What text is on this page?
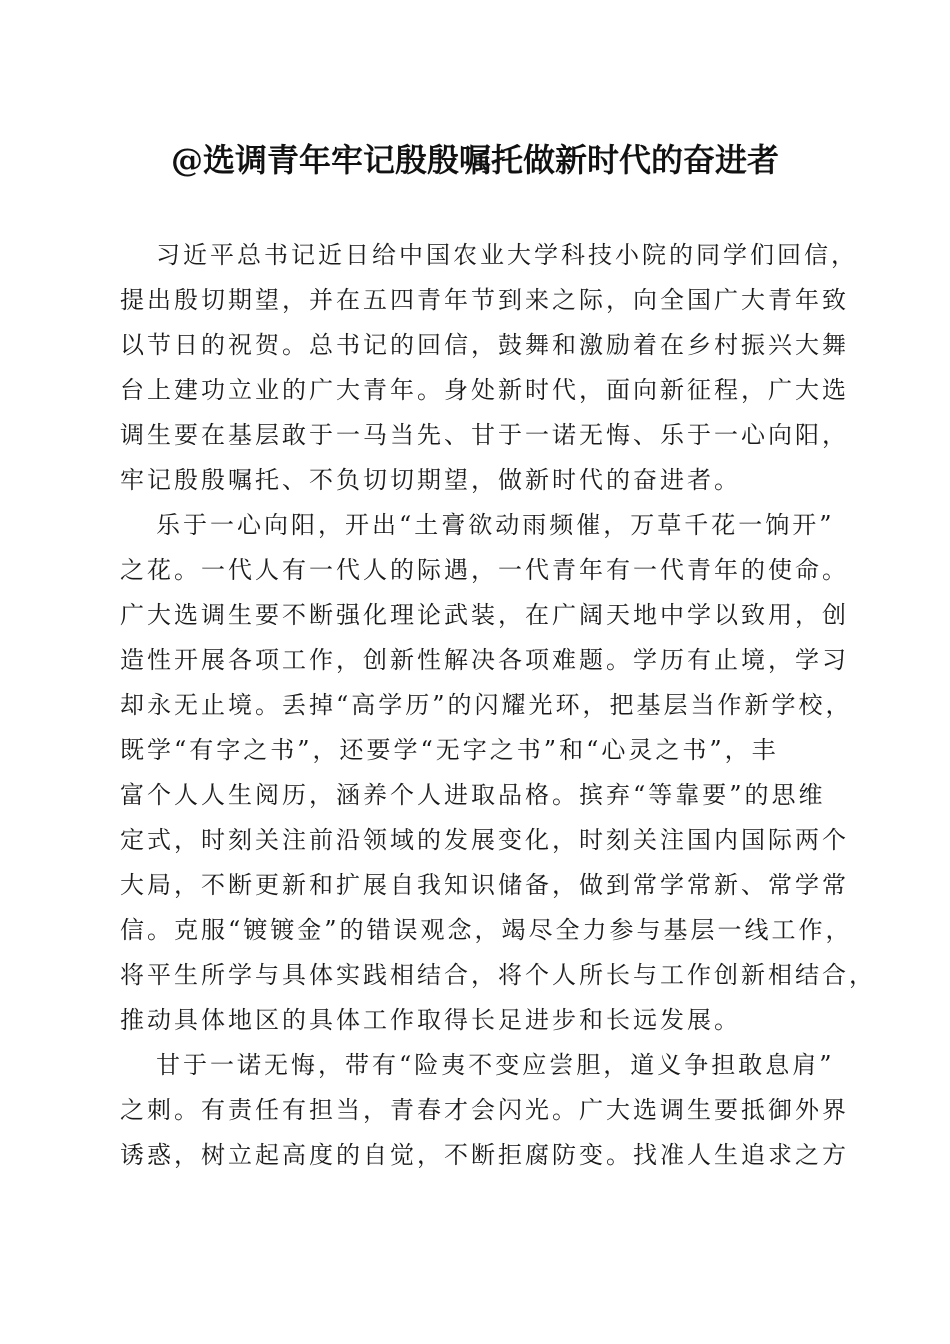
@选调青年牢记殷殷嘱托做新时代的奋进者
习近平总书记近日给中国农业大学科技小院的同学们回信，
提出殷切期望，并在五四青年节到来之际，向全国广大青年致
以节日的祝贺。总书记的回信，鼓舞和激励着在乡村振兴大舞
台上建功立业的广大青年。身处新时代，面向新征程，广大选
调生要在基层敢于一马当先、甘于一诺无悔、乐于一心向阳，
牢记殷殷嘱托、不负切切期望，做新时代的奋进者。
乐于一心向阳，开出“土膏欲动雨频催，万草千花一饷开”
之花。一代人有一代人的际遇，一代青年有一代青年的使命。
广大选调生要不断强化理论武装，在广阔天地中学以致用，创
造性开展各项工作，创新性解决各项难题。学历有止境，学习
却永无止境。丢掉“高学历”的闪耀光环，把基层当作新学校，
既学“有字之书”，还要学“无字之书”和“心灵之书”，丰
富个人人生阅历，涵养个人进取品格。摈弃“等靠要”的思维
定式，时刻关注前沿领域的发展变化，时刻关注国内国际两个
大局，不断更新和扩展自我知识储备，做到常学常新、常学常
信。克服“镀镀金”的错误观念，竭尽全力参与基层一线工作，
将平生所学与具体实践相结合，将个人所长与工作创新相结合，
推动具体地区的具体工作取得长足进步和长远发展。
甘于一诺无悔，带有“险夷不变应尝胆，道义争担敢息肩”
之刺。有责任有担当，青春才会闪光。广大选调生要抵御外界
诱惑，树立起高度的自觉，不断拒腐防变。找准人生追求之方
